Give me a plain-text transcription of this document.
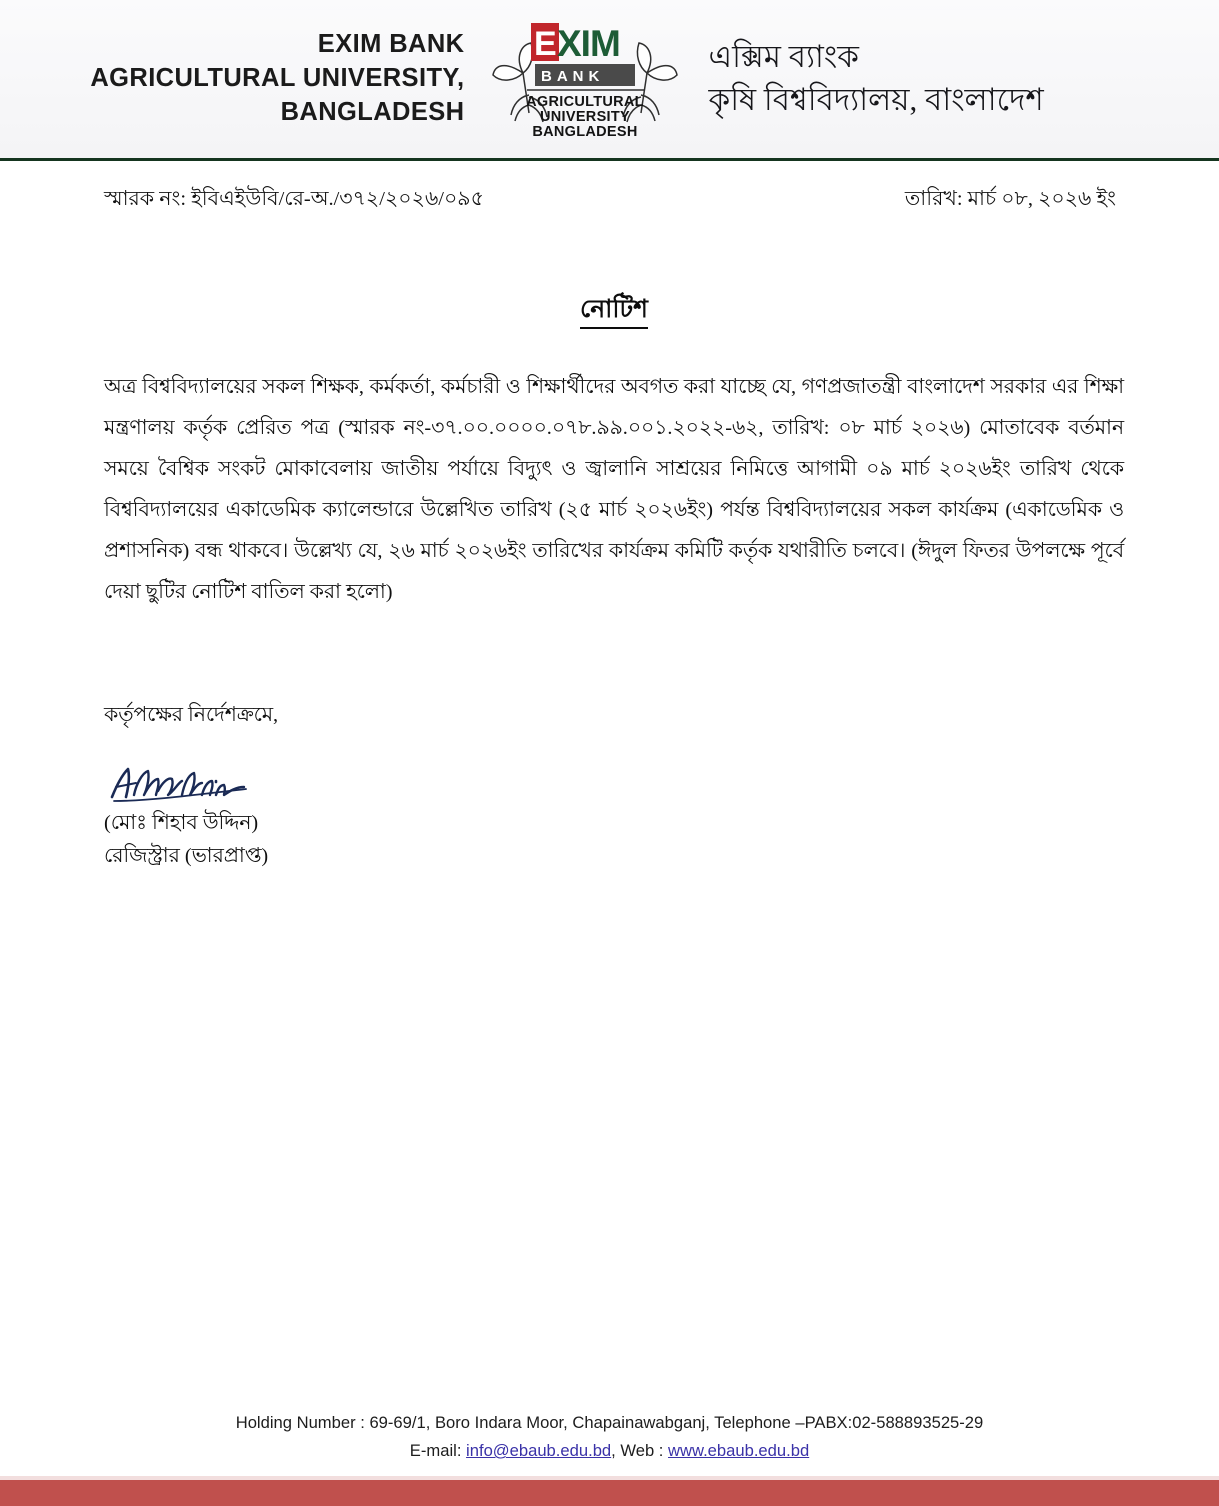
EXIM BANK
AGRICULTURAL UNIVERSITY,
BANGLADESH
E XIM
BANK
AGRICULTURAL
UNIVERSITY
BANGLADESH
এক্সিম ব্যাংক
কৃষি বিশ্ববিদ্যালয়, বাংলাদেশ
স্মারক নং: ইবিএইউবি/রে-অ./৩৭২/২০২৬/০৯৫	তারিখ: মার্চ ০৮, ২০২৬ ইং
নোটিশ
অত্র বিশ্ববিদ্যালয়ের সকল শিক্ষক, কর্মকর্তা, কর্মচারী ও শিক্ষার্থীদের অবগত করা যাচ্ছে যে, গণপ্রজাতন্ত্রী বাংলাদেশ সরকার এর শিক্ষা মন্ত্রণালয় কর্তৃক প্রেরিত পত্র (স্মারক নং-৩৭.০০.০০০০.০৭৮.৯৯.০০১.২০২২-৬২, তারিখ: ০৮ মার্চ ২০২৬) মোতাবেক বর্তমান সময়ে বৈশ্বিক সংকট মোকাবেলায় জাতীয় পর্যায়ে বিদ্যুৎ ও জ্বালানি সাশ্রয়ের নিমিত্তে আগামী ০৯ মার্চ ২০২৬ইং তারিখ থেকে বিশ্ববিদ্যালয়ের একাডেমিক ক্যালেন্ডারে উল্লেখিত তারিখ (২৫ মার্চ ২০২৬ইং) পর্যন্ত বিশ্ববিদ্যালয়ের সকল কার্যক্রম (একাডেমিক ও প্রশাসনিক) বন্ধ থাকবে। উল্লেখ্য যে, ২৬ মার্চ ২০২৬ইং তারিখের কার্যক্রম কমিটি কর্তৃক যথারীতি চলবে। (ঈদুল ফিতর উপলক্ষে পূর্বে দেয়া ছুটির নোটিশ বাতিল করা হলো)
কর্তৃপক্ষের নির্দেশক্রমে,
(মোঃ শিহাব উদ্দিন)
রেজিস্ট্রার (ভারপ্রাপ্ত)
Holding Number : 69-69/1, Boro Indara Moor, Chapainawabganj, Telephone –PABX:02-588893525-29
E-mail: info@ebaub.edu.bd, Web : www.ebaub.edu.bd
